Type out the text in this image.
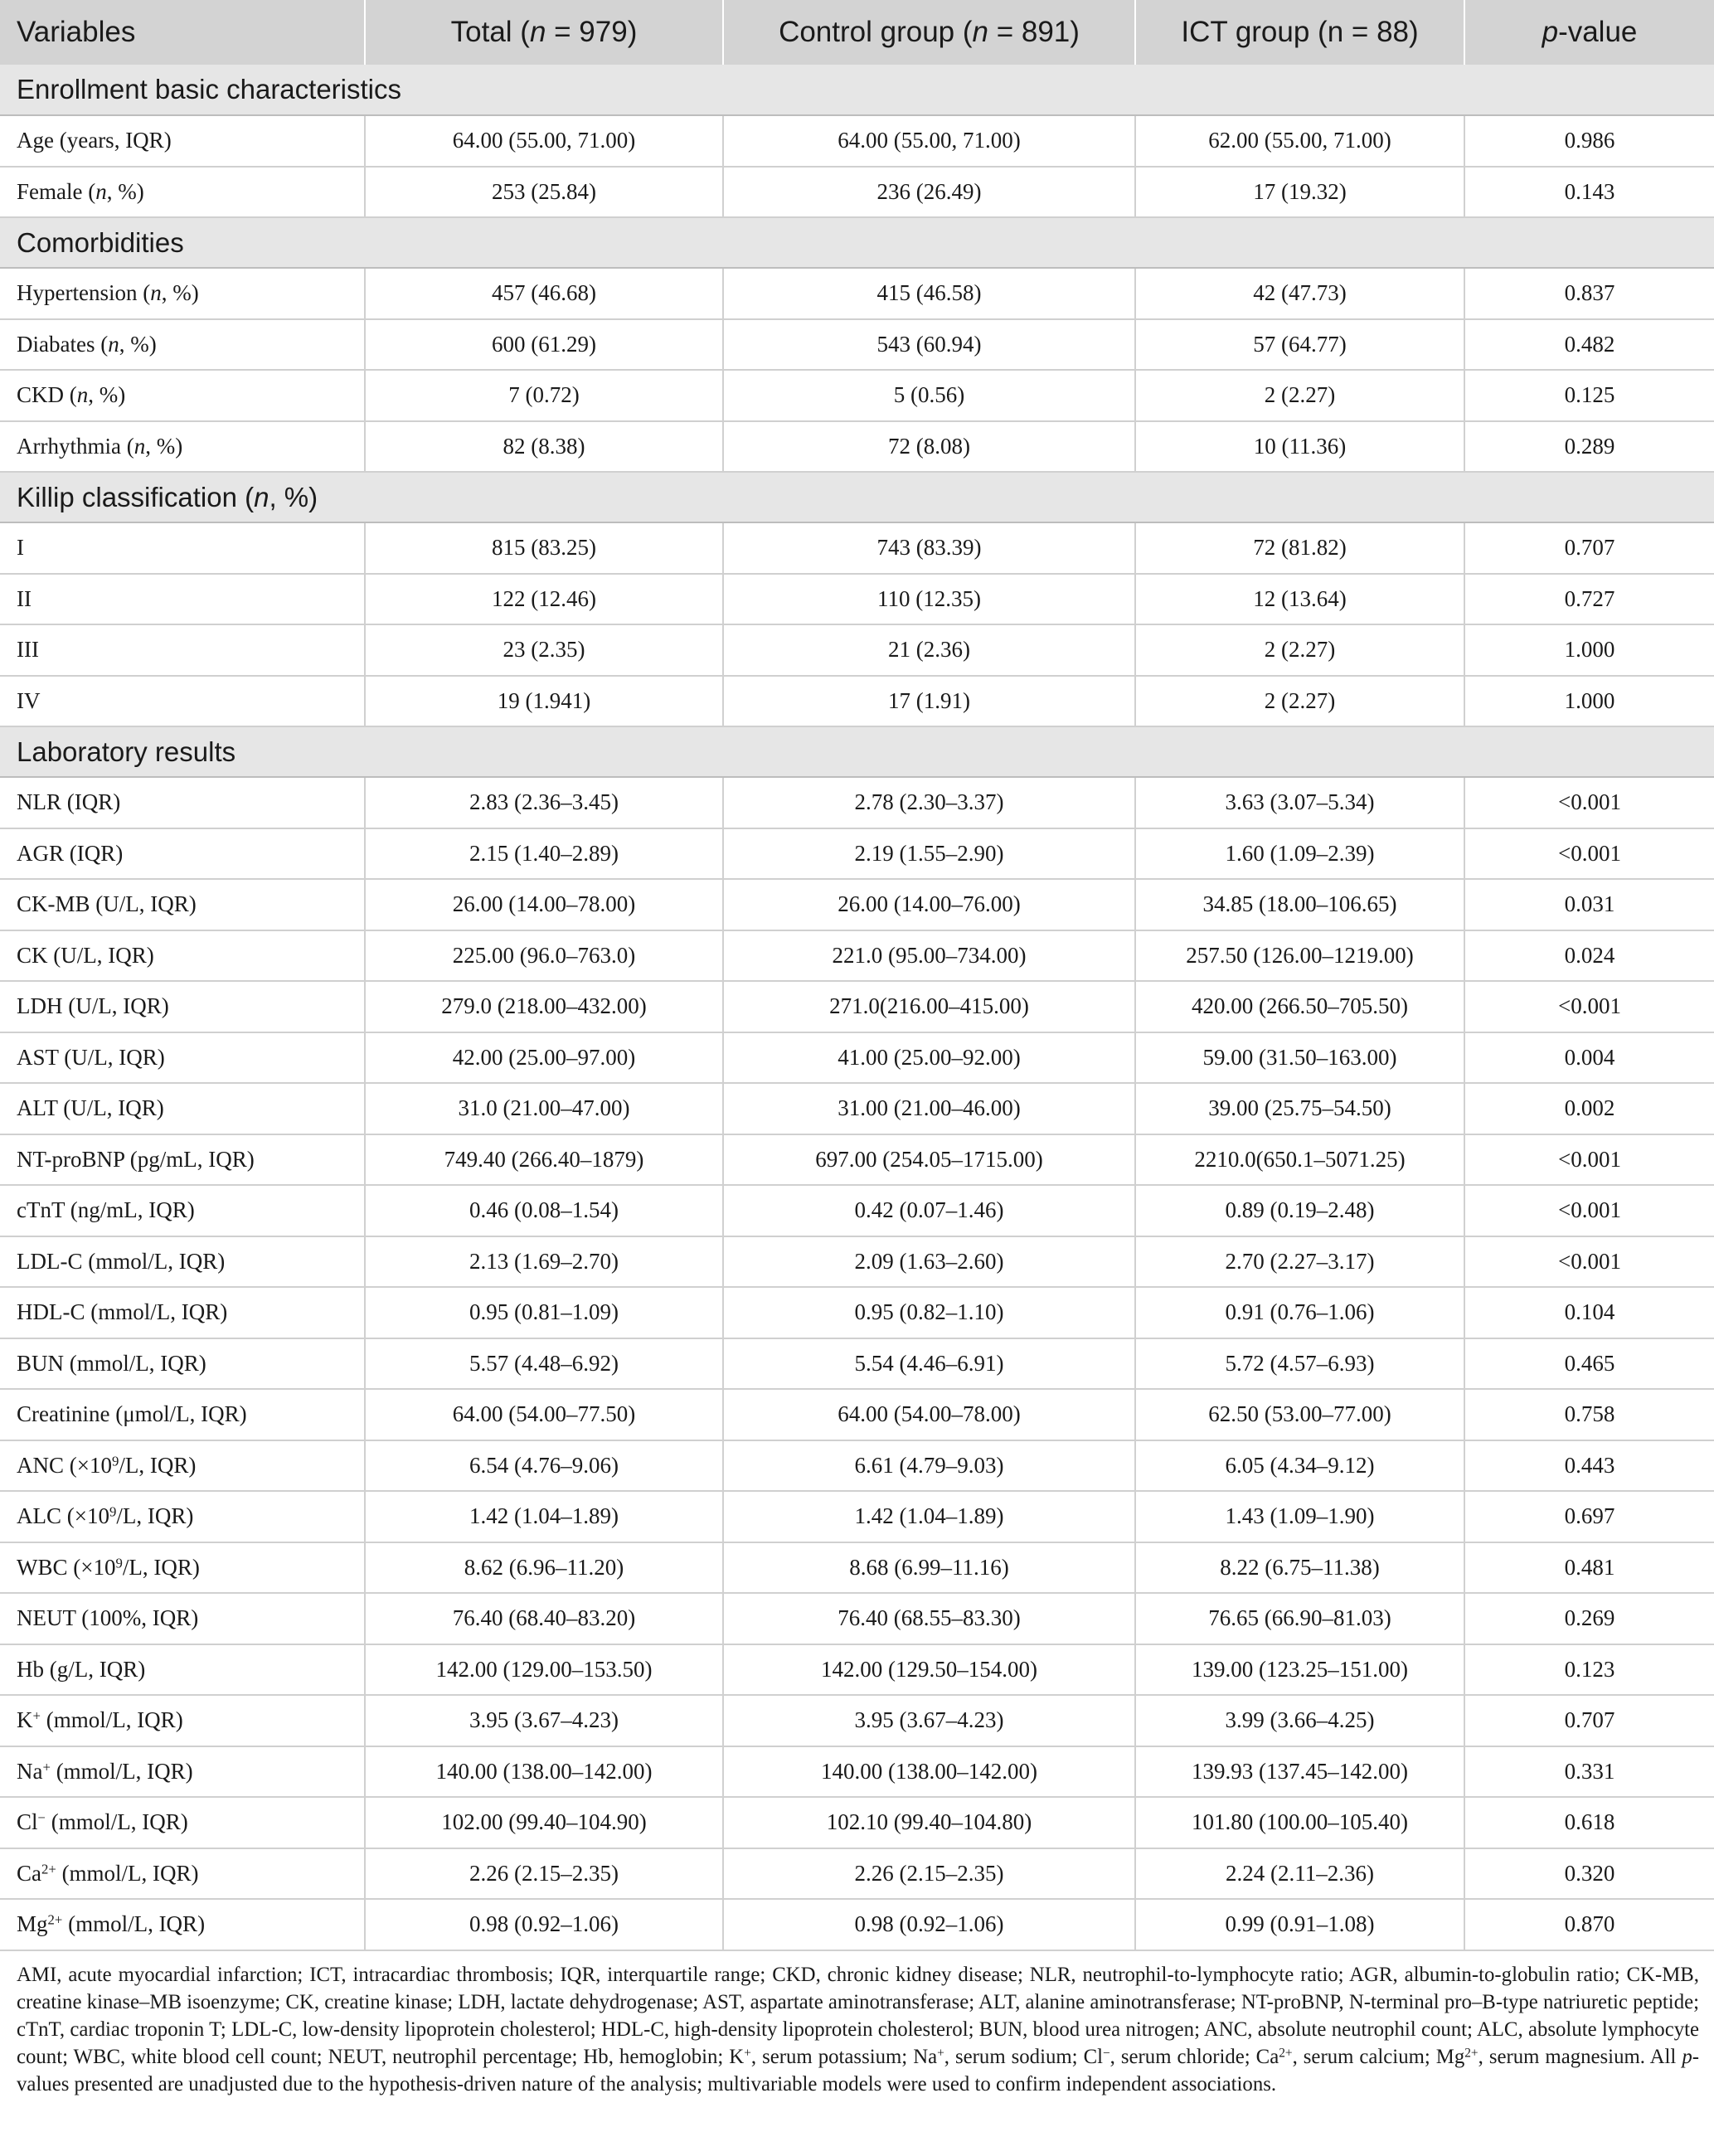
Variables	Total (n = 979)	Control group (n = 891)	ICT group (n = 88)	p-value
Enrollment basic characteristics				
Age (years, IQR)	64.00 (55.00, 71.00)	64.00 (55.00, 71.00)	62.00 (55.00, 71.00)	0.986
Female (n, %)	253 (25.84)	236 (26.49)	17 (19.32)	0.143
Comorbidities				
Hypertension (n, %)	457 (46.68)	415 (46.58)	42 (47.73)	0.837
Diabates (n, %)	600 (61.29)	543 (60.94)	57 (64.77)	0.482
CKD (n, %)	7 (0.72)	5 (0.56)	2 (2.27)	0.125
Arrhythmia (n, %)	82 (8.38)	72 (8.08)	10 (11.36)	0.289
Killip classification (n, %)				
I	815 (83.25)	743 (83.39)	72 (81.82)	0.707
II	122 (12.46)	110 (12.35)	12 (13.64)	0.727
III	23 (2.35)	21 (2.36)	2 (2.27)	1.000
IV	19 (1.941)	17 (1.91)	2 (2.27)	1.000
Laboratory results				
NLR (IQR)	2.83 (2.36–3.45)	2.78 (2.30–3.37)	3.63 (3.07–5.34)	<0.001
AGR (IQR)	2.15 (1.40–2.89)	2.19 (1.55–2.90)	1.60 (1.09–2.39)	<0.001
CK-MB (U/L, IQR)	26.00 (14.00–78.00)	26.00 (14.00–76.00)	34.85 (18.00–106.65)	0.031
CK (U/L, IQR)	225.00 (96.0–763.0)	221.0 (95.00–734.00)	257.50 (126.00–1219.00)	0.024
LDH (U/L, IQR)	279.0 (218.00–432.00)	271.0(216.00–415.00)	420.00 (266.50–705.50)	<0.001
AST (U/L, IQR)	42.00 (25.00–97.00)	41.00 (25.00–92.00)	59.00 (31.50–163.00)	0.004
ALT (U/L, IQR)	31.0 (21.00–47.00)	31.00 (21.00–46.00)	39.00 (25.75–54.50)	0.002
NT-proBNP (pg/mL, IQR)	749.40 (266.40–1879)	697.00 (254.05–1715.00)	2210.0(650.1–5071.25)	<0.001
cTnT (ng/mL, IQR)	0.46 (0.08–1.54)	0.42 (0.07–1.46)	0.89 (0.19–2.48)	<0.001
LDL-C (mmol/L, IQR)	2.13 (1.69–2.70)	2.09 (1.63–2.60)	2.70 (2.27–3.17)	<0.001
HDL-C (mmol/L, IQR)	0.95 (0.81–1.09)	0.95 (0.82–1.10)	0.91 (0.76–1.06)	0.104
BUN (mmol/L, IQR)	5.57 (4.48–6.92)	5.54 (4.46–6.91)	5.72 (4.57–6.93)	0.465
Creatinine (μmol/L, IQR)	64.00 (54.00–77.50)	64.00 (54.00–78.00)	62.50 (53.00–77.00)	0.758
ANC ($\times 10^9/L$, IQR)	6.54 (4.76–9.06)	6.61 (4.79–9.03)	6.05 (4.34–9.12)	0.443
ALC ($\times 10^9/L$, IQR)	1.42 (1.04–1.89)	1.42 (1.04–1.89)	1.43 (1.09–1.90)	0.697
WBC ($\times 10^9/L$, IQR)	8.62 (6.96–11.20)	8.68 (6.99–11.16)	8.22 (6.75–11.38)	0.481
NEUT (100%, IQR)	76.40 (68.40–83.20)	76.40 (68.55–83.30)	76.65 (66.90–81.03)	0.269
Hb (g/L, IQR)	142.00 (129.00–153.50)	142.00 (129.50–154.00)	139.00 (123.25–151.00)	0.123
K+ (mmol/L, IQR)	3.95 (3.67–4.23)	3.95 (3.67–4.23)	3.99 (3.66–4.25)	0.707
Na+ (mmol/L, IQR)	140.00 (138.00–142.00)	140.00 (138.00–142.00)	139.93 (137.45–142.00)	0.331
Cl− (mmol/L, IQR)	102.00 (99.40–104.90)	102.10 (99.40–104.80)	101.80 (100.00–105.40)	0.618
$Ca^{2+}$ (mmol/L, IQR)	2.26 (2.15–2.35)	2.26 (2.15–2.35)	2.24 (2.11–2.36)	0.320
$Mg^{2+}$ (mmol/L, IQR)	0.98 (0.92–1.06)	0.98 (0.92–1.06)	0.99 (0.91–1.08)	0.870
AMI, acute myocardial infarction; ICT, intracardiac thrombosis; IQR, interquartile range; CKD, chronic kidney disease; NLR, neutrophil-to-lymphocyte ratio; AGR, albumin-to-globulin ratio; CK-MB, creatine kinase–MB isoenzyme; CK, creatine kinase; LDH, lactate dehydrogenase; AST, aspartate aminotransferase; ALT, alanine aminotransferase; NT-proBNP, N-terminal pro–B-type natriuretic peptide; cTnT, cardiac troponin T; LDL-C, low-density lipoprotein cholesterol; HDL-C, high-density lipoprotein cholesterol; BUN, blood urea nitrogen; ANC, absolute neutrophil count; ALC, absolute lymphocyte count; WBC, white blood cell count; NEUT, neutrophil percentage; Hb, hemoglobin; K+, serum potassium; Na+, serum sodium; Cl−, serum chloride; $Ca^{2+}$, serum calcium; $Mg^{2+}$, serum magnesium. All p-values presented are unadjusted due to the hypothesis-driven nature of the analysis; multivariable models were used to confirm independent associations.
